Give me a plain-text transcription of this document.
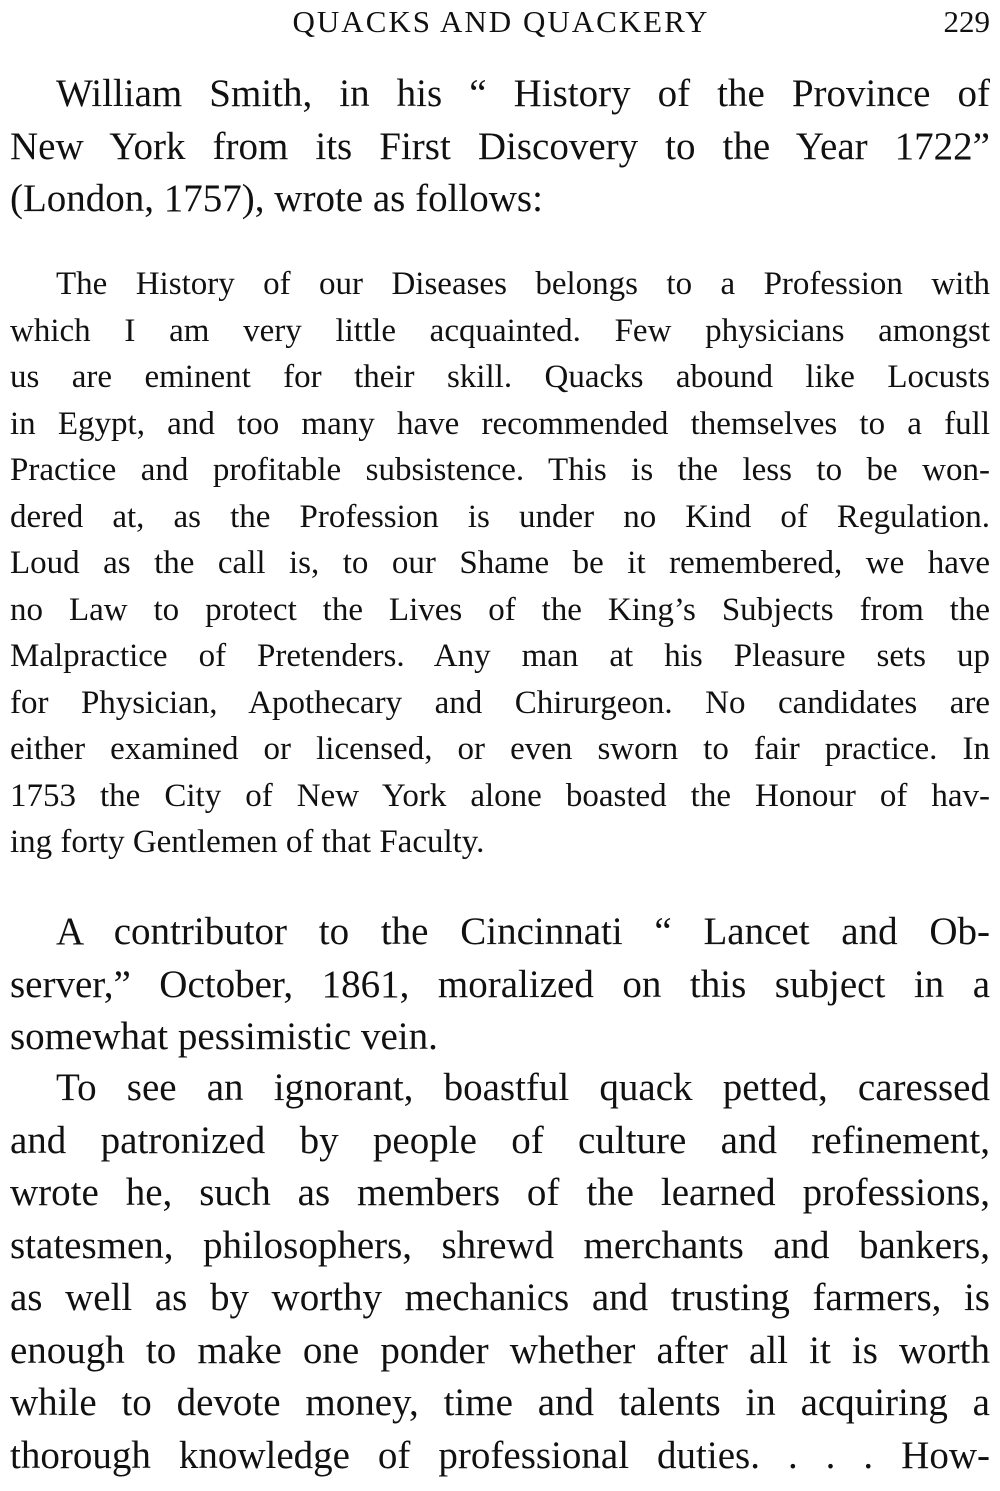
QUACKS AND QUACKERY	229
William Smith, in his “ History of the Province of
New York from its First Discovery to the Year 1722”
(London, 1757), wrote as follows:
The History of our Diseases belongs to a Profession with
which I am very little acquainted. Few physicians amongst
us are eminent for their skill. Quacks abound like Locusts
in Egypt, and too many have recommended themselves to a full
Practice and profitable subsistence. This is the less to be won-
dered at, as the Profession is under no Kind of Regulation.
Loud as the call is, to our Shame be it remembered, we have
no Law to protect the Lives of the King’s Subjects from the
Malpractice of Pretenders. Any man at his Pleasure sets up
for Physician, Apothecary and Chirurgeon. No candidates are
either examined or licensed, or even sworn to fair practice. In
1753 the City of New York alone boasted the Honour of hav-
ing forty Gentlemen of that Faculty.
A contributor to the Cincinnati “ Lancet and Ob-
server,” October, 1861, moralized on this subject in a
somewhat pessimistic vein.
To see an ignorant, boastful quack petted, caressed
and patronized by people of culture and refinement,
wrote he, such as members of the learned professions,
statesmen, philosophers, shrewd merchants and bankers,
as well as by worthy mechanics and trusting farmers, is
enough to make one ponder whether after all it is worth
while to devote money, time and talents in acquiring a
thorough knowledge of professional duties. . . . How-
